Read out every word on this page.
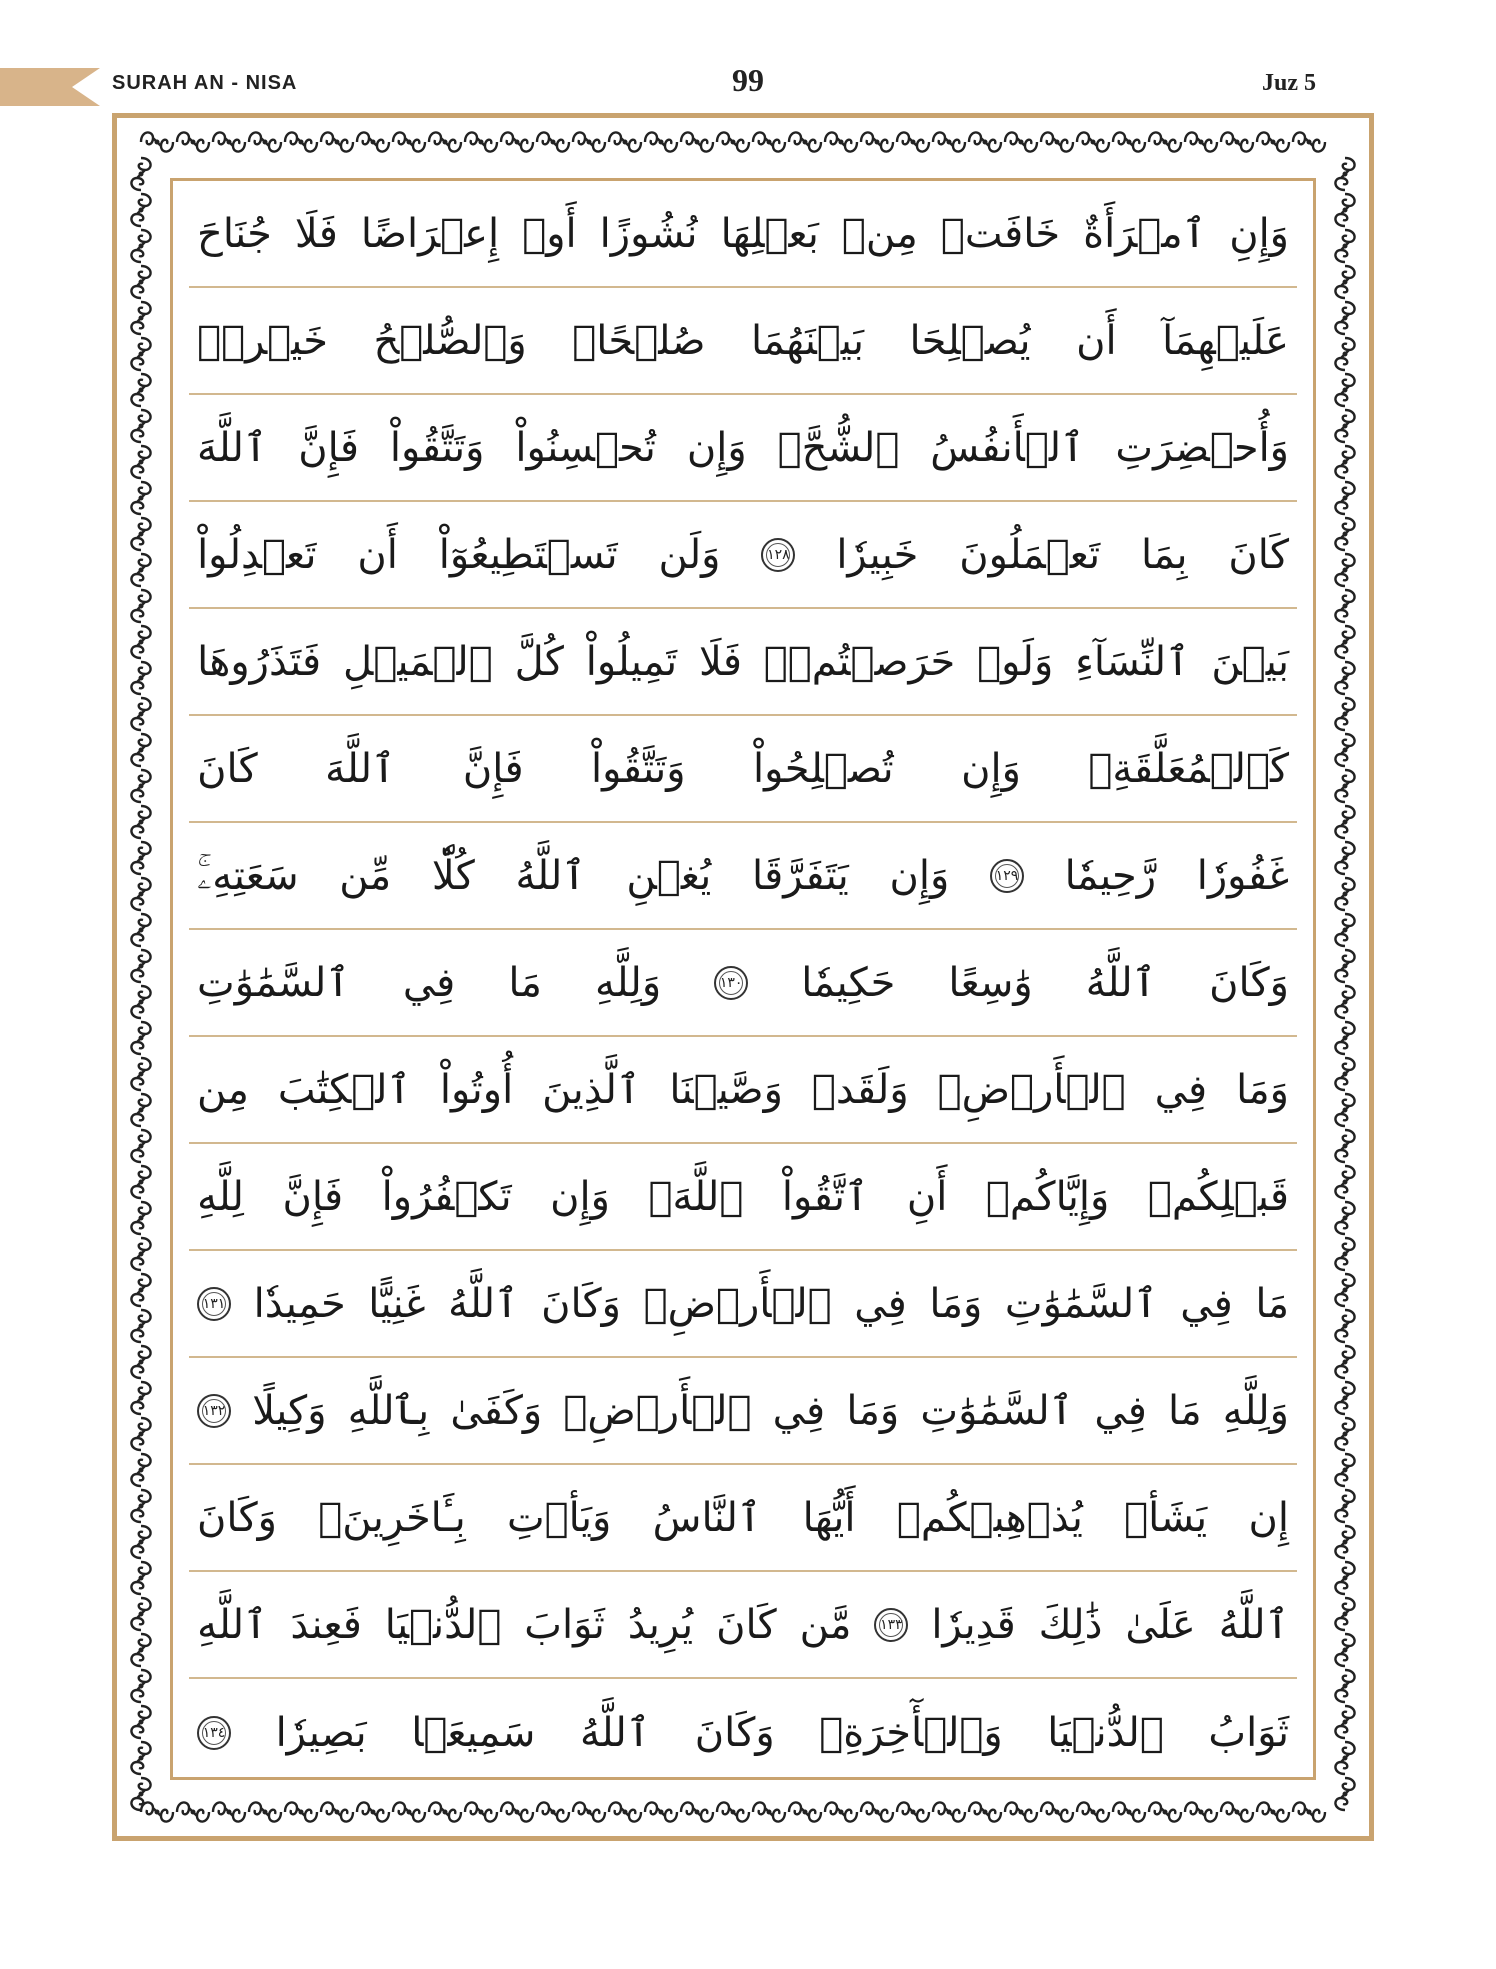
SURAH AN - NISA	99	Juz 5
جُنَاحَ فَلَا إِعۡرَاضًا أَوۡ نُشُوزًا بَعۡلِهَا مِنۢ خَافَتۡ ٱمۡرَأَةٌ وَإِنِ
خَيۡرٞۗ وَٱلصُّلۡحُ صُلۡحًاۚ بَيۡنَهُمَا يُصۡلِحَا أَن عَلَيۡهِمَآ
ٱللَّهَ فَإِنَّ وَتَتَّقُواْ تُحۡسِنُواْ وَإِن ٱلشُّحَّۚ ٱلۡأَنفُسُ وَأُحۡضِرَتِ
تَعۡدِلُواْ أَن تَسۡتَطِيعُوٓاْ وَلَن	١٢٨ خَبِيرٗا تَعۡمَلُونَ بِمَا كَانَ
فَتَذَرُوهَا ٱلۡمَيۡلِ كُلَّ تَمِيلُواْ فَلَا حَرَصۡتُمۡۖ وَلَوۡ ٱلنِّسَآءِ بَيۡنَ
كَانَ ٱللَّهَ فَإِنَّ وَتَتَّقُواْ تُصۡلِحُواْ وَإِن كَٱلۡمُعَلَّقَةِۚ
سَعَتِهِۦۚ مِّن كُلّٗا ٱللَّهُ يُغۡنِ يَتَفَرَّقَا وَإِن	١٢٩ رَّحِيمٗا غَفُورٗا
ٱلسَّمَٰوَٰتِ فِي مَا وَلِلَّهِ	١٣٠ حَكِيمٗا وَٰسِعًا ٱللَّهُ وَكَانَ
مِن ٱلۡكِتَٰبَ أُوتُواْ ٱلَّذِينَ وَصَّيۡنَا وَلَقَدۡ ٱلۡأَرۡضِۗ فِي وَمَا
لِلَّهِ فَإِنَّ تَكۡفُرُواْ وَإِن ٱللَّهَۚ ٱتَّقُواْ أَنِ وَإِيَّاكُمۡ قَبۡلِكُمۡ
١٣١ حَمِيدٗا غَنِيًّا ٱللَّهُ وَكَانَ ٱلۡأَرۡضِۚ فِي وَمَا ٱلسَّمَٰوَٰتِ فِي مَا
١٣٢ وَكِيلًا بِٱللَّهِ وَكَفَىٰ ٱلۡأَرۡضِۚ فِي وَمَا ٱلسَّمَٰوَٰتِ فِي مَا وَلِلَّهِ
وَكَانَ بِـَٔاخَرِينَۚ وَيَأۡتِ ٱلنَّاسُ أَيُّهَا يُذۡهِبۡكُمۡ يَشَأۡ إِن
ٱللَّهِ فَعِندَ ٱلدُّنۡيَا ثَوَابَ يُرِيدُ كَانَ مَّن	١٣٣ قَدِيرٗا ذَٰلِكَ عَلَىٰ ٱللَّهُ
١٣٤ بَصِيرٗا سَمِيعَۢا ٱللَّهُ وَكَانَ وَٱلۡأٓخِرَةِۚ ٱلدُّنۡيَا ثَوَابُ
